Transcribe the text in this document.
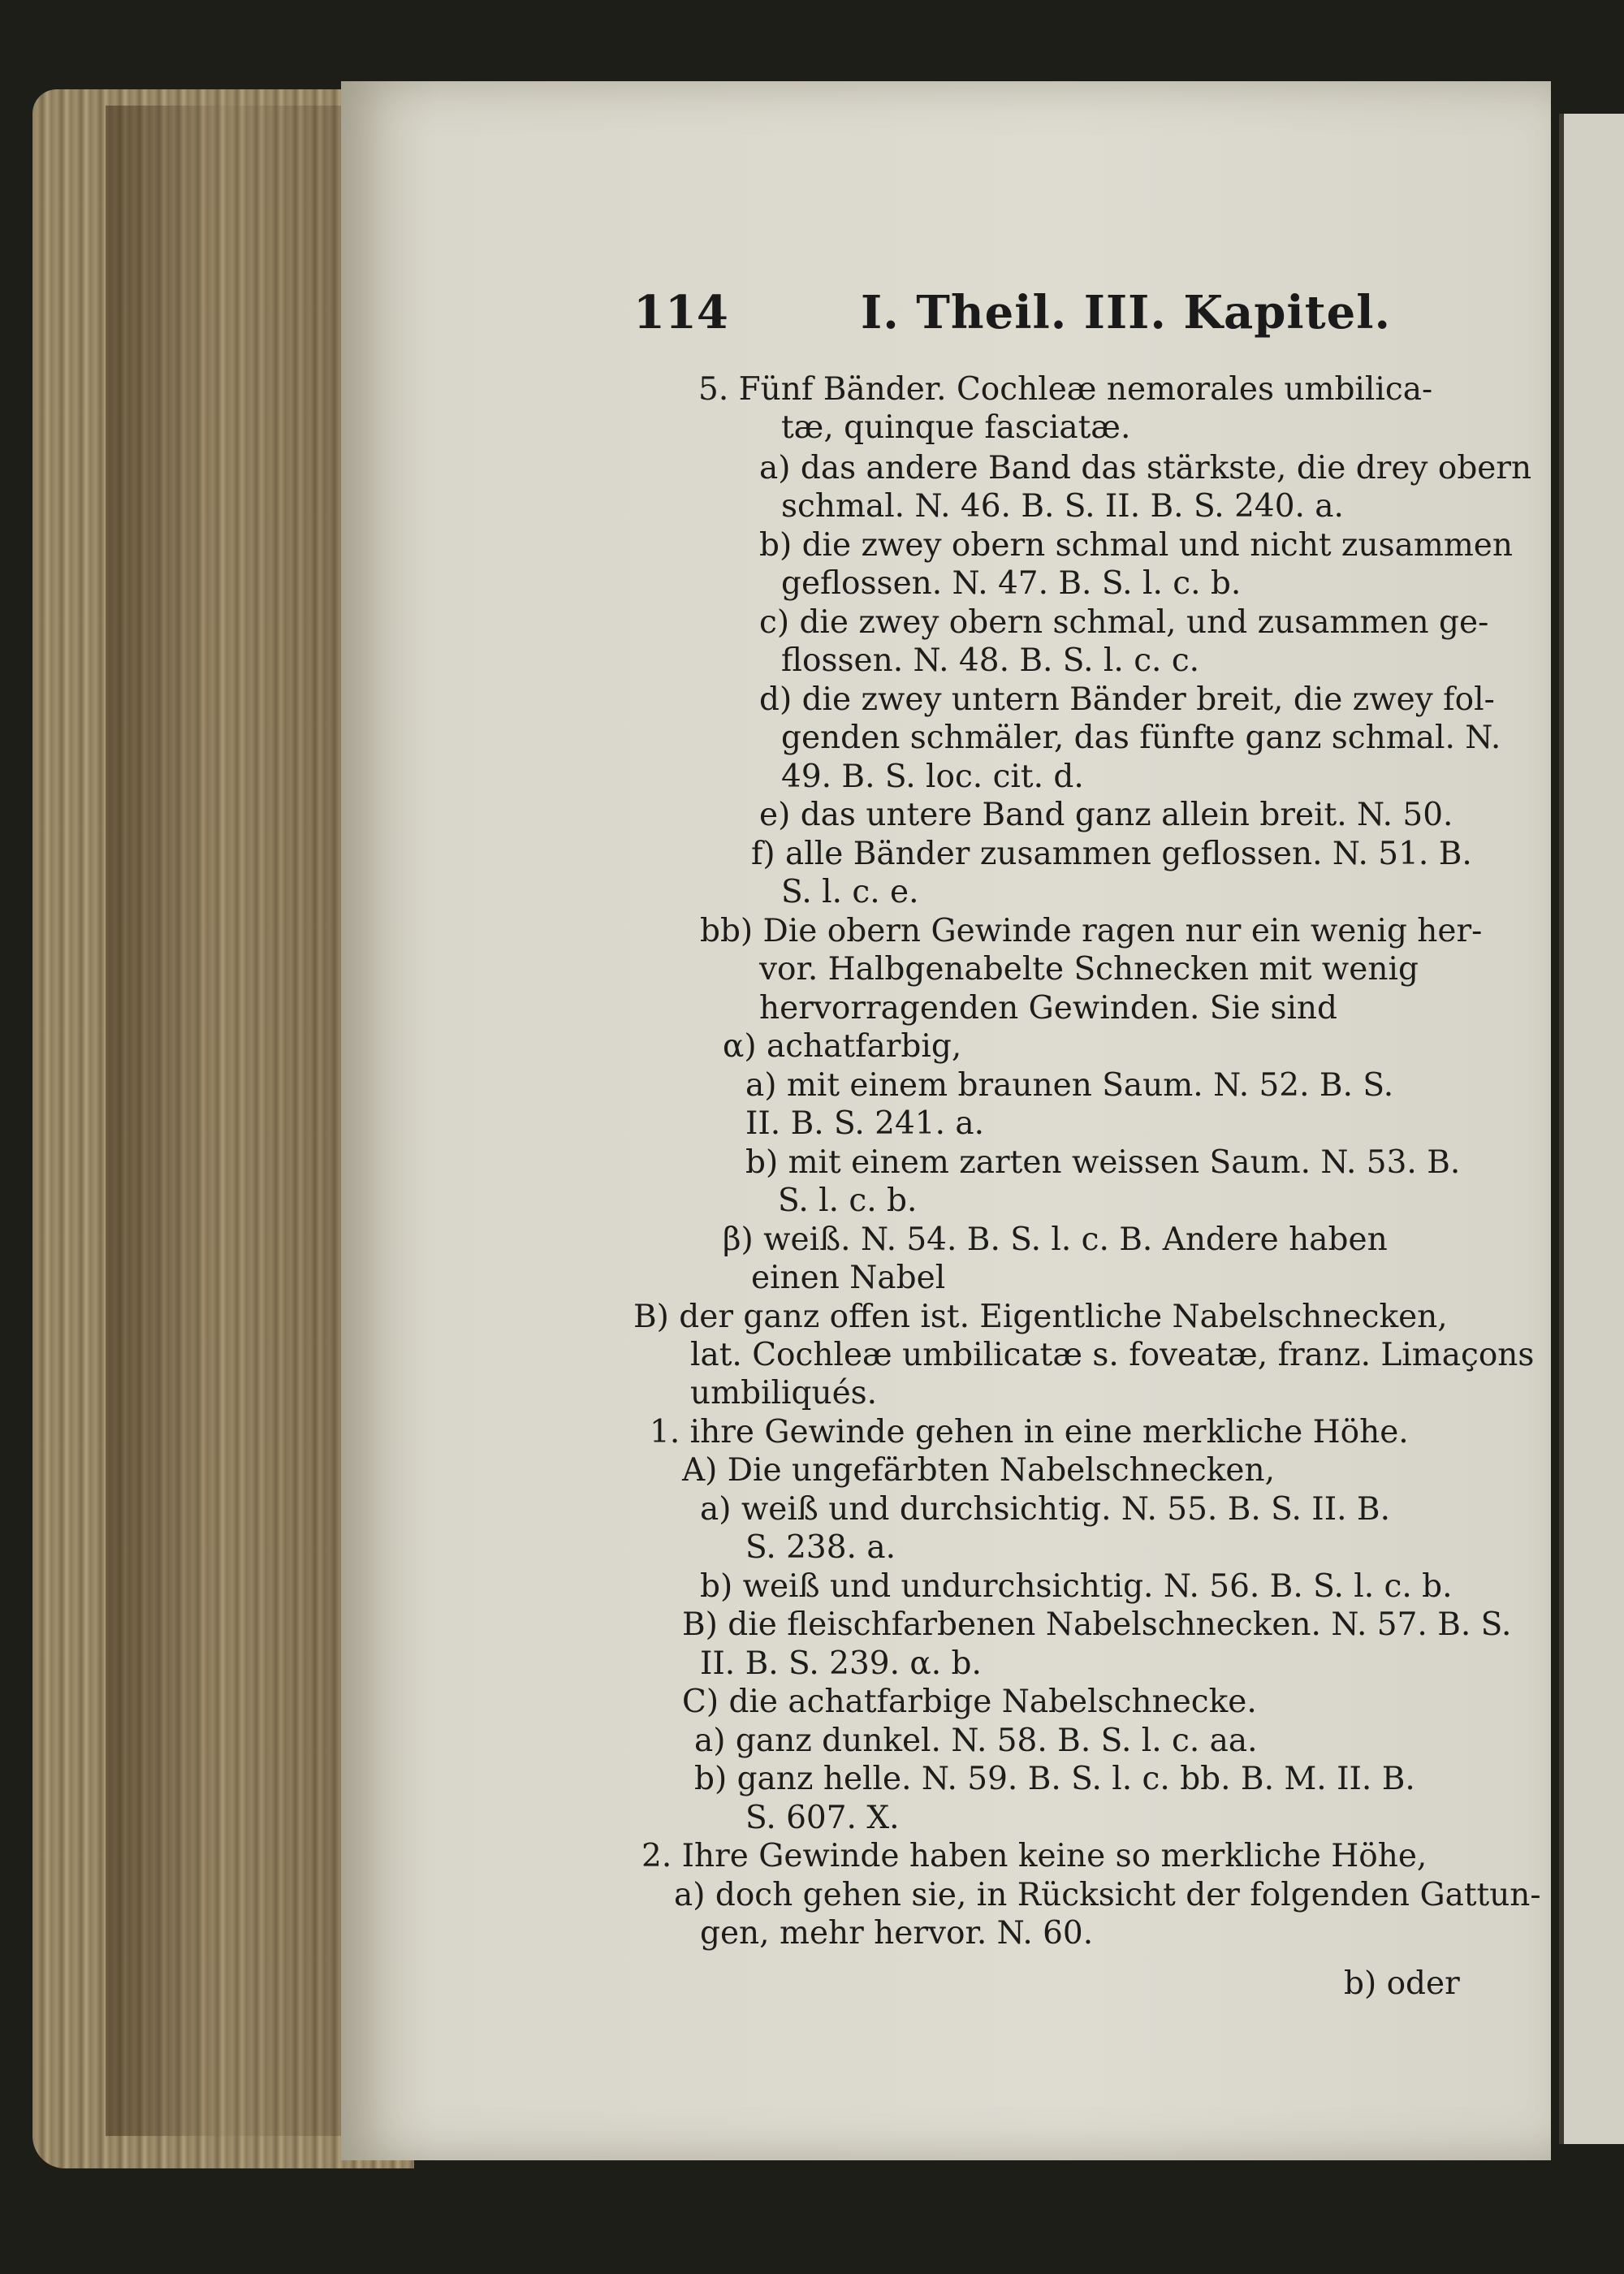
114	I. Theil. III. Kapitel.
5. Fünf Bänder. Cochleæ nemorales umbilica-
tæ, quinque fasciatæ.
a) das andere Band das stärkste, die drey obern
schmal. N. 46. B. S. II. B. S. 240. a.
b) die zwey obern schmal und nicht zusammen
geflossen. N. 47. B. S. l. c. b.
c) die zwey obern schmal, und zusammen ge-
flossen. N. 48. B. S. l. c. c.
d) die zwey untern Bänder breit, die zwey fol-
genden schmäler, das fünfte ganz schmal. N.
49. B. S. loc. cit. d.
e) das untere Band ganz allein breit. N. 50.
f) alle Bänder zusammen geflossen. N. 51. B.
S. l. c. e.
bb) Die obern Gewinde ragen nur ein wenig her-
vor. Halbgenabelte Schnecken mit wenig
hervorragenden Gewinden. Sie sind
α) achatfarbig,
a) mit einem braunen Saum. N. 52. B. S.
II. B. S. 241. a.
b) mit einem zarten weissen Saum. N. 53. B.
S. l. c. b.
β) weiß. N. 54. B. S. l. c. B. Andere haben
einen Nabel
B) der ganz offen ist. Eigentliche Nabelschnecken,
lat. Cochleæ umbilicatæ s. foveatæ, franz. Limaçons
umbiliqués.
1. ihre Gewinde gehen in eine merkliche Höhe.
A) Die ungefärbten Nabelschnecken,
a) weiß und durchsichtig. N. 55. B. S. II. B.
S. 238. a.
b) weiß und undurchsichtig. N. 56. B. S. l. c. b.
B) die fleischfarbenen Nabelschnecken. N. 57. B. S.
II. B. S. 239. α. b.
C) die achatfarbige Nabelschnecke.
a) ganz dunkel. N. 58. B. S. l. c. aa.
b) ganz helle. N. 59. B. S. l. c. bb. B. M. II. B.
S. 607. X.
2. Ihre Gewinde haben keine so merkliche Höhe,
a) doch gehen sie, in Rücksicht der folgenden Gattun-
gen, mehr hervor. N. 60.
b) oder
